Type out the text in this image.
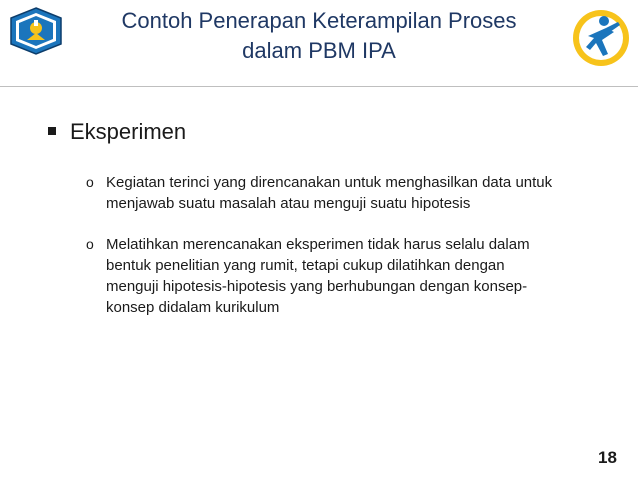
Contoh Penerapan Keterampilan Proses
dalam PBM IPA
Eksperimen
o Kegiatan terinci yang direncanakan untuk menghasilkan data untuk
menjawab suatu masalah atau menguji suatu hipotesis
o Melatihkan merencanakan eksperimen tidak harus selalu dalam
bentuk penelitian yang rumit, tetapi cukup dilatihkan dengan
menguji hipotesis-hipotesis yang berhubungan dengan konsep-
konsep didalam kurikulum
18
